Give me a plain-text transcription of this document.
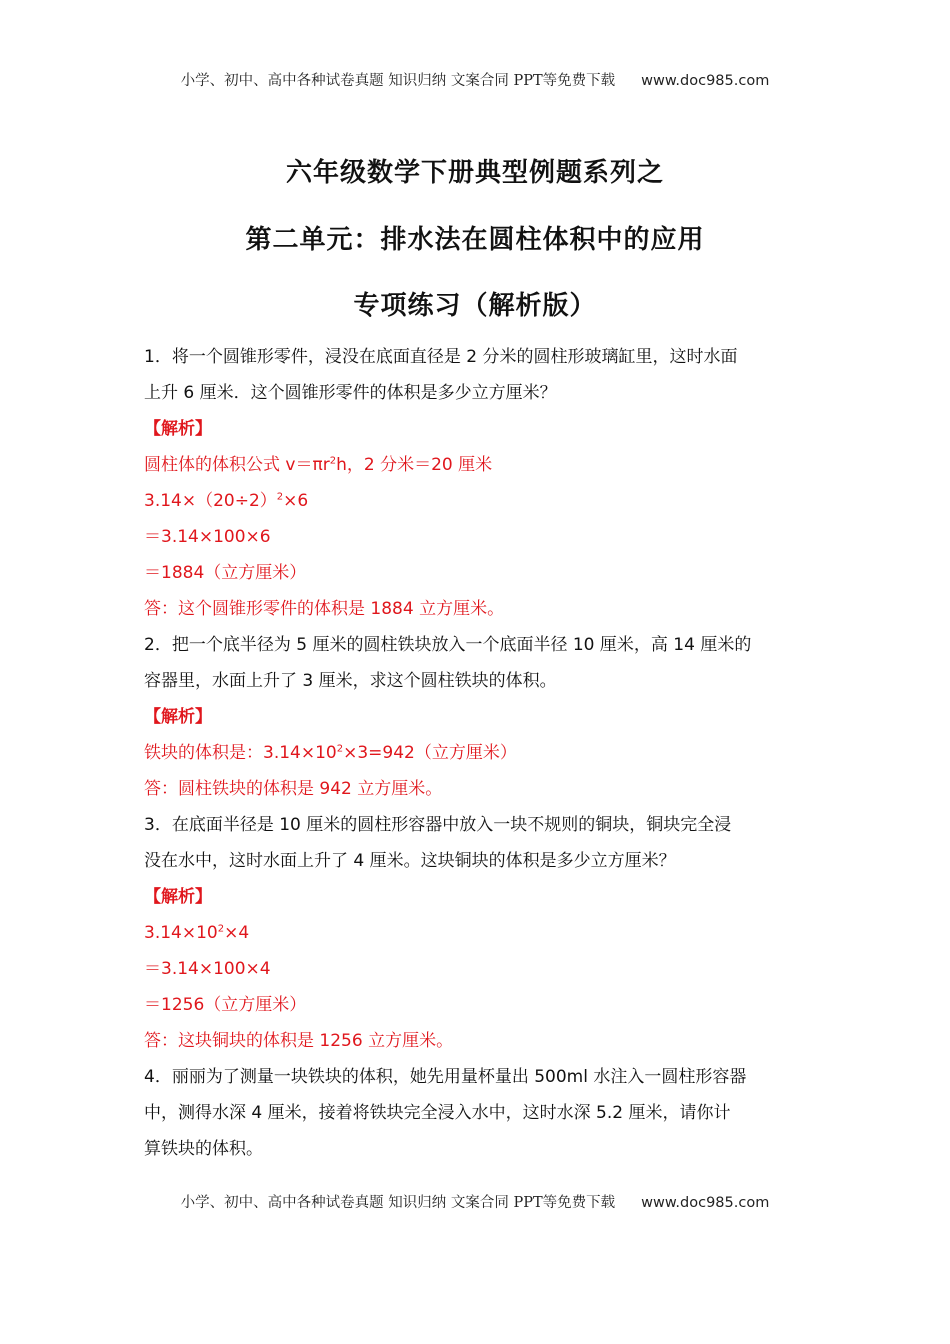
小学、初中、高中各种试卷真题 知识归纳 文案合同 PPT等免费下载 www.doc985.com
六年级数学下册典型例题系列之
第二单元：排水法在圆柱体积中的应用
专项练习（解析版）
1．将一个圆锥形零件，浸没在底面直径是 2 分米的圆柱形玻璃缸里，这时水面
上升 6 厘米．这个圆锥形零件的体积是多少立方厘米？
【解析】
圆柱体的体积公式 $v=\pi r^2h$，2 分米＝20 厘米
$3.14\times(20\div 2)^2\times 6$
＝3.14×100×6
＝1884（立方厘米）
答：这个圆锥形零件的体积是 1884 立方厘米。
2．把一个底半径为 5 厘米的圆柱铁块放入一个底面半径 10 厘米，高 14 厘米的
容器里，水面上升了 3 厘米，求这个圆柱铁块的体积。
【解析】
铁块的体积是：$3.14\times 10^2\times 3=942$（立方厘米）
答：圆柱铁块的体积是 942 立方厘米。
3．在底面半径是 10 厘米的圆柱形容器中放入一块不规则的铜块，铜块完全浸
没在水中，这时水面上升了 4 厘米。这块铜块的体积是多少立方厘米？
【解析】
$3.14\times 10^2\times 4$
＝3.14×100×4
＝1256（立方厘米）
答：这块铜块的体积是 1256 立方厘米。
4．丽丽为了测量一块铁块的体积，她先用量杯量出 500ml 水注入一圆柱形容器
中，测得水深 4 厘米，接着将铁块完全浸入水中，这时水深 5.2 厘米，请你计
算铁块的体积。
小学、初中、高中各种试卷真题 知识归纳 文案合同 PPT等免费下载 www.doc985.com
